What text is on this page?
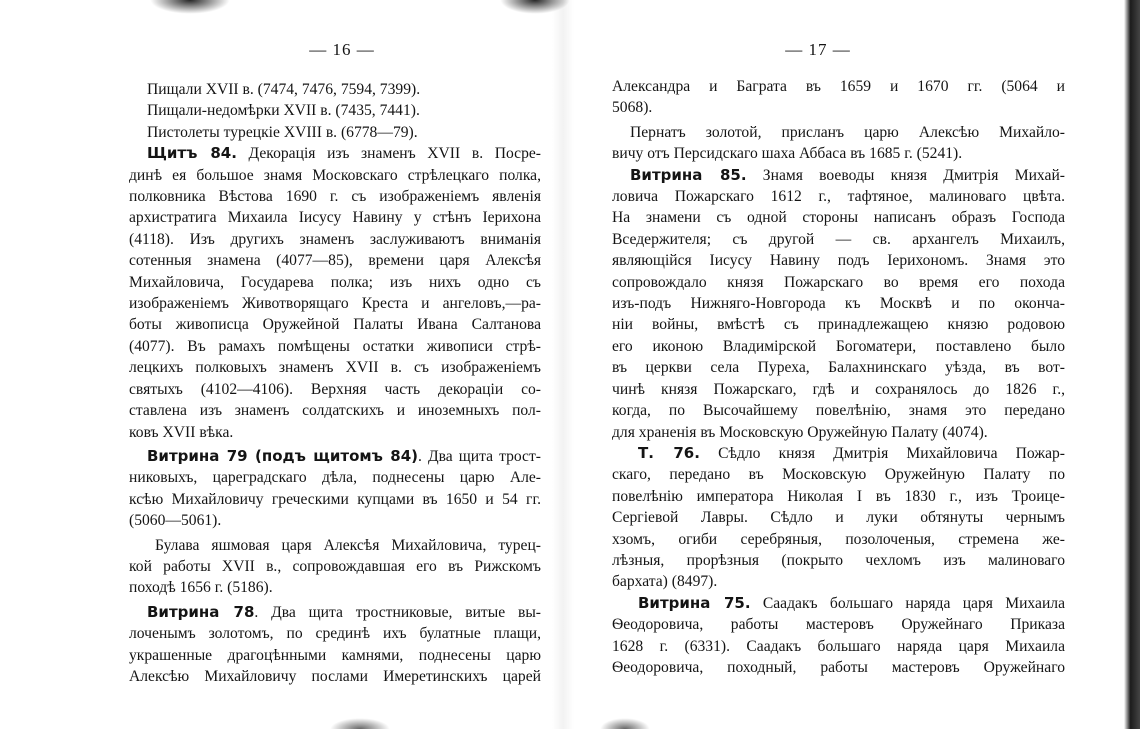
— 16 —
Пищали XVII в. (7474, 7476, 7594, 7399).
Пищали-недомѣрки XVII в. (7435, 7441).
Пистолеты турецкіе XVIII в. (6778—79).
Щитъ 84. Декорація изъ знаменъ XVII в. Посре-
динѣ ея большое знамя Московскаго стрѣлецкаго полка,
полковника Вѣстова 1690 г. съ изображеніемъ явленія
архистратига Михаила Іисусу Навину у стѣнъ Іерихона
(4118). Изъ другихъ знаменъ заслуживаютъ вниманія
сотенныя знамена (4077—85), времени царя Алексѣя
Михайловича, Государева полка; изъ нихъ одно съ
изображеніемъ Животворящаго Креста и ангеловъ,—ра-
боты живописца Оружейной Палаты Ивана Салтанова
(4077). Въ рамахъ помѣщены остатки живописи стрѣ-
лецкихъ полковыхъ знаменъ XVII в. съ изображеніемъ
святыхъ (4102—4106). Верхняя часть декораціи со-
ставлена изъ знаменъ солдатскихъ и иноземныхъ пол-
ковъ XVII вѣка.
Витрина 79 (подъ щитомъ 84). Два щита трост-
никовыхъ, цареградскаго дѣла, поднесены царю Але-
ксѣю Михайловичу греческими купцами въ 1650 и 54 гг.
(5060—5061).
Булава яшмовая царя Алексѣя Михайловича, турец-
кой работы XVII в., сопровождавшая его въ Рижскомъ
походѣ 1656 г. (5186).
Витрина 78. Два щита тростниковые, витые вы-
лоченымъ золотомъ, по срединѣ ихъ булатные плащи,
украшенные драгоцѣнными камнями, поднесены царю
Алексѣю Михайловичу послами Имеретинскихъ царей
— 17 —
Александра и Баграта въ 1659 и 1670 гг. (5064 и
5068).
Пернатъ золотой, присланъ царю Алексѣю Михайло-
вичу отъ Персидскаго шаха Аббаса въ 1685 г. (5241).
Витрина 85. Знамя воеводы князя Дмитрія Михай-
ловича Пожарскаго 1612 г., тафтяное, малиноваго цвѣта.
На знамени съ одной стороны написанъ образъ Господа
Вседержителя; съ другой — св. архангелъ Михаилъ,
являющійся Іисусу Навину подъ Іерихономъ. Знамя это
сопровождало князя Пожарскаго во время его похода
изъ-подъ Нижняго-Новгорода къ Москвѣ и по оконча-
ніи войны, вмѣстѣ съ принадлежащею князю родовою
его иконою Владимірской Богоматери, поставлено было
въ церкви села Пуреха, Балахнинскаго уѣзда, въ вот-
чинѣ князя Пожарскаго, гдѣ и сохранялось до 1826 г.,
когда, по Высочайшему повелѣнію, знамя это передано
для храненія въ Московскую Оружейную Палату (4074).
Т. 76. Сѣдло князя Дмитрія Михайловича Пожар-
скаго, передано въ Московскую Оружейную Палату по
повелѣнію императора Николая I въ 1830 г., изъ Троице-
Сергіевой Лавры. Сѣдло и луки обтянуты чернымъ
хзомъ, огиби серебряныя, позолоченыя, стремена же-
лѣзныя, прорѣзныя (покрыто чехломъ изъ малиноваго
бархата) (8497).
Витрина 75. Саадакъ большаго наряда царя Михаила
Ѳеодоровича, работы мастеровъ Оружейнаго Приказа
1628 г. (6331). Саадакъ большаго наряда царя Михаила
Ѳеодоровича, походный, работы мастеровъ Оружейнаго
